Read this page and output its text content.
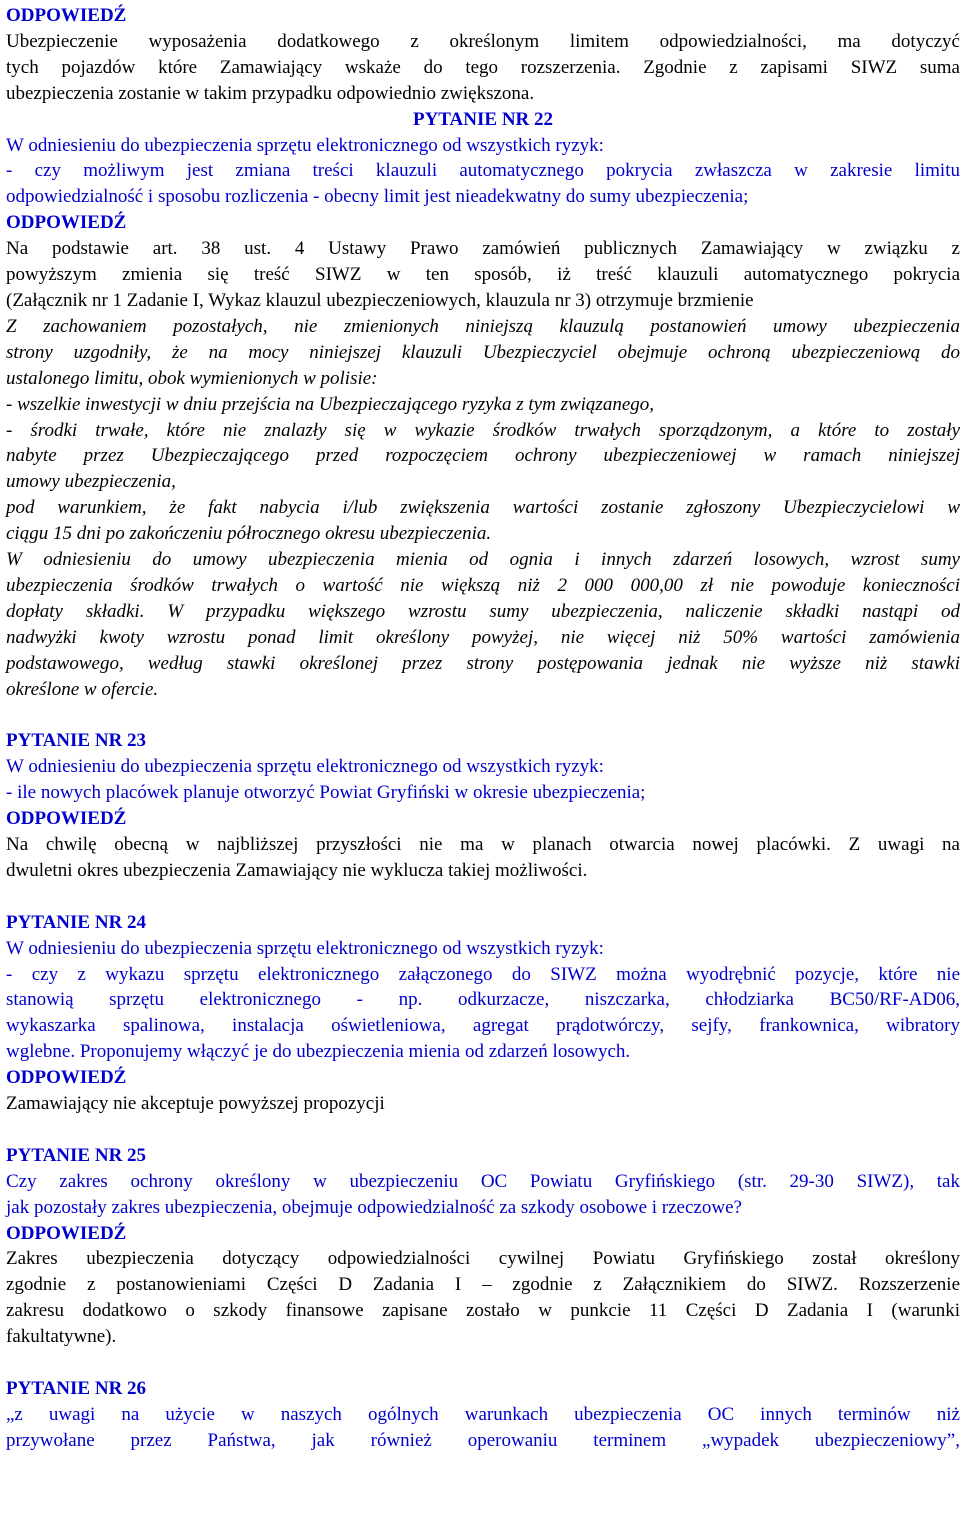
ODPOWIEDŹ
Ubezpieczenie wyposażenia dodatkowego z określonym limitem odpowiedzialności, ma dotyczyć
tych pojazdów które Zamawiający wskaże do tego rozszerzenia. Zgodnie z zapisami SIWZ suma
ubezpieczenia zostanie w takim przypadku odpowiednio zwiększona.
PYTANIE NR 22
W odniesieniu do ubezpieczenia sprzętu elektronicznego od wszystkich ryzyk:
- czy możliwym jest zmiana treści klauzuli automatycznego pokrycia zwłaszcza w zakresie limitu
odpowiedzialność i sposobu rozliczenia - obecny limit jest nieadekwatny do sumy ubezpieczenia;
ODPOWIEDŹ
Na podstawie art. 38 ust. 4 Ustawy Prawo zamówień publicznych Zamawiający w związku z
powyższym zmienia się treść SIWZ w ten sposób, iż treść klauzuli automatycznego pokrycia
(Załącznik nr 1 Zadanie I, Wykaz klauzul ubezpieczeniowych, klauzula nr 3) otrzymuje brzmienie
Z zachowaniem pozostałych, nie zmienionych niniejszą klauzulą postanowień umowy ubezpieczenia
strony uzgodniły, że na mocy niniejszej klauzuli Ubezpieczyciel obejmuje ochroną ubezpieczeniową do
ustalonego limitu, obok wymienionych w polisie:
- wszelkie inwestycji w dniu przejścia na Ubezpieczającego ryzyka z tym związanego,
- środki trwałe, które nie znalazły się w wykazie środków trwałych sporządzonym, a które to zostały
nabyte przez Ubezpieczającego przed rozpoczęciem ochrony ubezpieczeniowej w ramach niniejszej
umowy ubezpieczenia,
pod warunkiem, że fakt nabycia i/lub zwiększenia wartości zostanie zgłoszony Ubezpieczycielowi w
ciągu 15 dni po zakończeniu półrocznego okresu ubezpieczenia.
W odniesieniu do umowy ubezpieczenia mienia od ognia i innych zdarzeń losowych, wzrost sumy
ubezpieczenia środków trwałych o wartość nie większą niż 2 000 000,00 zł nie powoduje konieczności
dopłaty składki. W przypadku większego wzrostu sumy ubezpieczenia, naliczenie składki nastąpi od
nadwyżki kwoty wzrostu ponad limit określony powyżej, nie więcej niż 50% wartości zamówienia
podstawowego, według stawki określonej przez strony postępowania jednak nie wyższe niż stawki
określone w ofercie.
PYTANIE NR 23
W odniesieniu do ubezpieczenia sprzętu elektronicznego od wszystkich ryzyk:
- ile nowych placówek planuje otworzyć Powiat Gryfiński w okresie ubezpieczenia;
ODPOWIEDŹ
Na chwilę obecną w najbliższej przyszłości nie ma w planach otwarcia nowej placówki. Z uwagi na
dwuletni okres ubezpieczenia Zamawiający nie wyklucza takiej możliwości.
PYTANIE NR 24
W odniesieniu do ubezpieczenia sprzętu elektronicznego od wszystkich ryzyk:
- czy z wykazu sprzętu elektronicznego załączonego do SIWZ można wyodrębnić pozycje, które nie
stanowią sprzętu elektronicznego - np. odkurzacze, niszczarka, chłodziarka BC50/RF-AD06,
wykaszarka spalinowa, instalacja oświetleniowa, agregat prądotwórczy, sejfy, frankownica, wibratory
wglebne. Proponujemy włączyć je do ubezpieczenia mienia od zdarzeń losowych.
ODPOWIEDŹ
Zamawiający nie akceptuje powyższej propozycji
PYTANIE NR 25
Czy zakres ochrony określony w ubezpieczeniu OC Powiatu Gryfińskiego (str. 29-30 SIWZ), tak
jak pozostały zakres ubezpieczenia, obejmuje odpowiedzialność za szkody osobowe i rzeczowe?
ODPOWIEDŹ
Zakres ubezpieczenia dotyczący odpowiedzialności cywilnej Powiatu Gryfińskiego został określony
zgodnie z postanowieniami Części D Zadania I – zgodnie z Załącznikiem do SIWZ. Rozszerzenie
zakresu dodatkowo o szkody finansowe zapisane zostało w punkcie 11 Części D Zadania I (warunki
fakultatywne).
PYTANIE NR 26
„z uwagi na użycie w naszych ogólnych warunkach ubezpieczenia OC innych terminów niż
przywołane przez Państwa, jak również operowaniu terminem „wypadek ubezpieczeniowy”,
